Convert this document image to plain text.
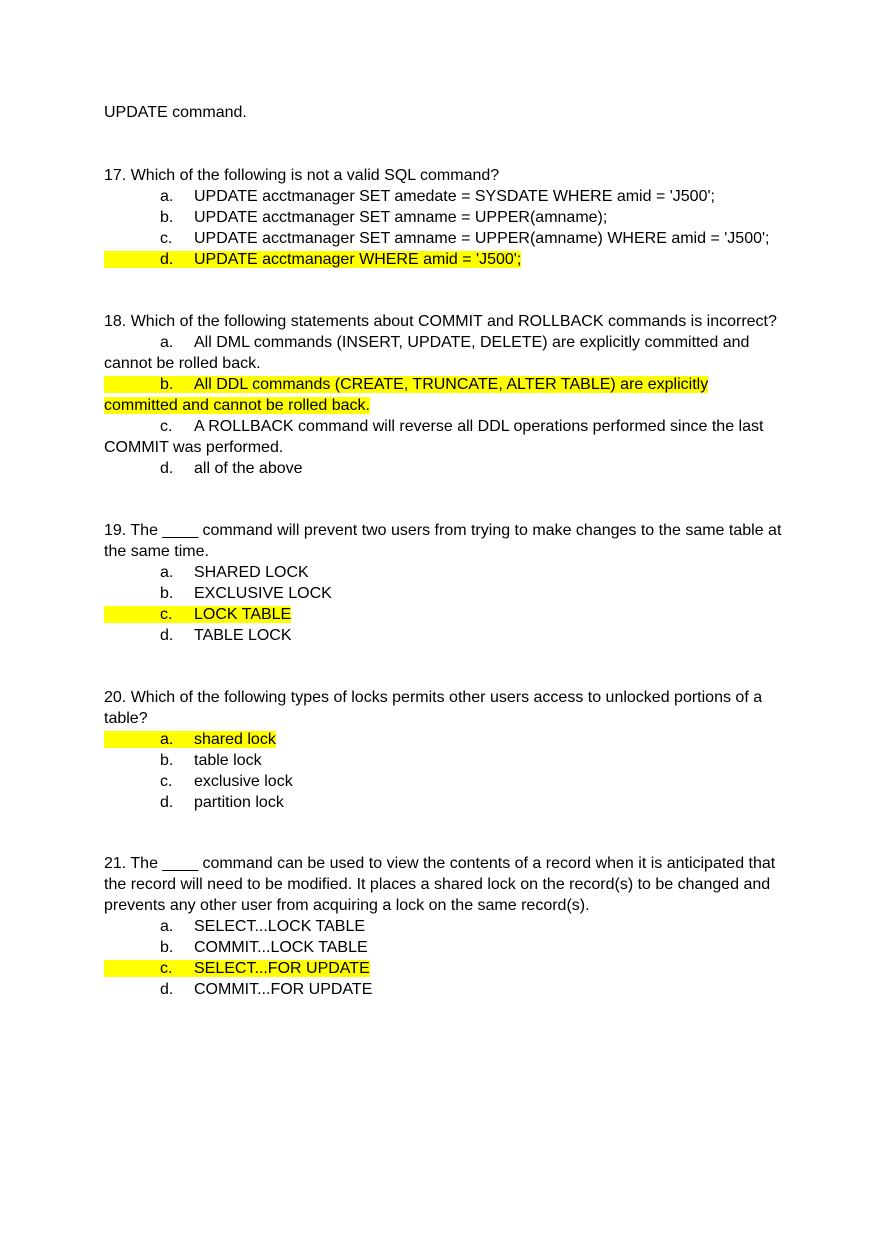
UPDATE command.
17. Which of the following is not a valid SQL command?
a. UPDATE acctmanager SET amedate = SYSDATE WHERE amid = 'J500';
b. UPDATE acctmanager SET amname = UPPER(amname);
c. UPDATE acctmanager SET amname = UPPER(amname) WHERE amid = 'J500';
d. UPDATE acctmanager WHERE amid = 'J500';
18. Which of the following statements about COMMIT and ROLLBACK commands is incorrect?
a. All DML commands (INSERT, UPDATE, DELETE) are explicitly committed and
cannot be rolled back.
b. All DDL commands (CREATE, TRUNCATE, ALTER TABLE) are explicitly
committed and cannot be rolled back.
c. A ROLLBACK command will reverse all DDL operations performed since the last
COMMIT was performed.
d. all of the above
19. The ____ command will prevent two users from trying to make changes to the same table at
the same time.
a. SHARED LOCK
b. EXCLUSIVE LOCK
c. LOCK TABLE
d. TABLE LOCK
20. Which of the following types of locks permits other users access to unlocked portions of a
table?
a. shared lock
b. table lock
c. exclusive lock
d. partition lock
21. The ____ command can be used to view the contents of a record when it is anticipated that
the record will need to be modified. It places a shared lock on the record(s) to be changed and
prevents any other user from acquiring a lock on the same record(s).
a. SELECT...LOCK TABLE
b. COMMIT...LOCK TABLE
c. SELECT...FOR UPDATE
d. COMMIT...FOR UPDATE
